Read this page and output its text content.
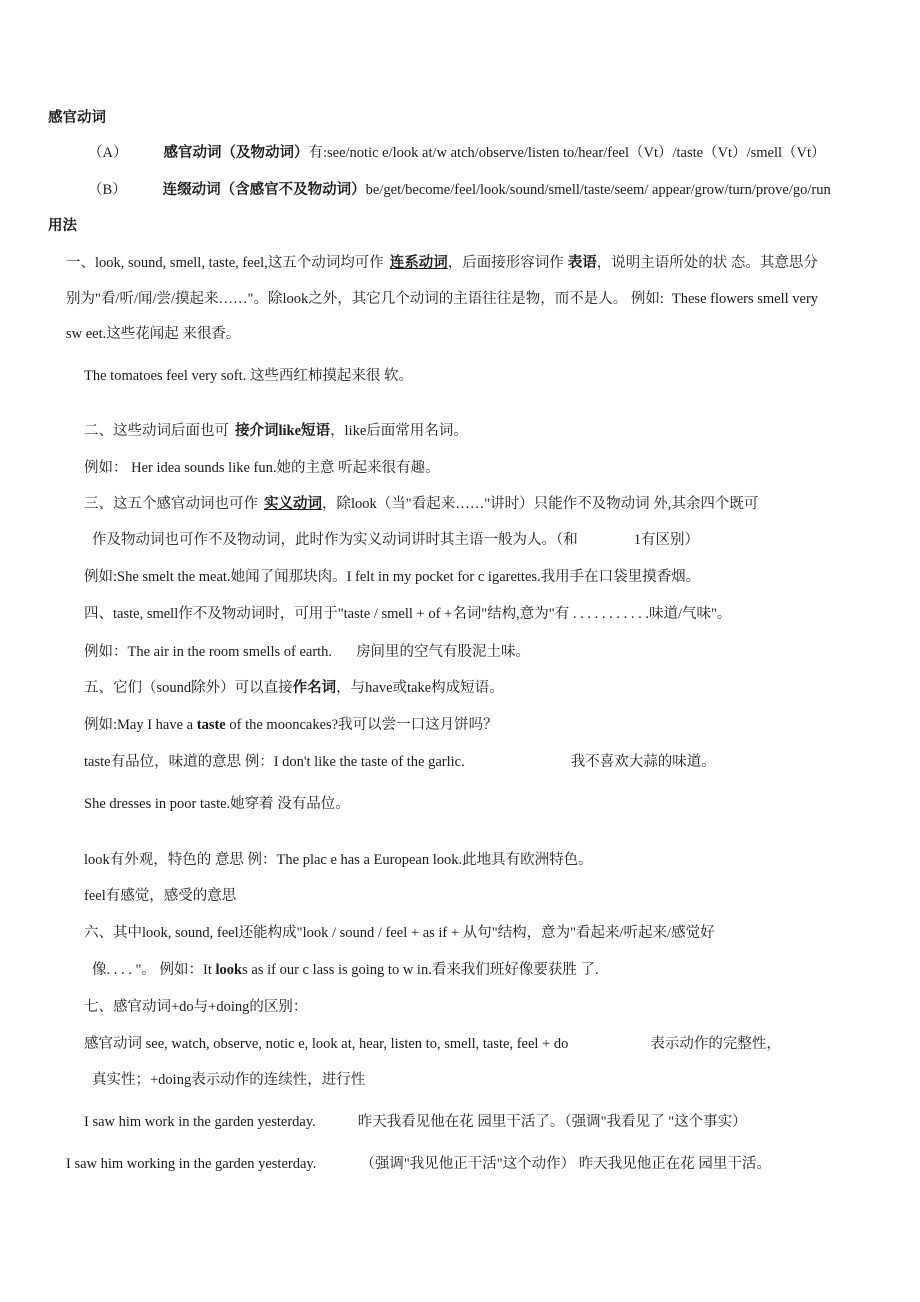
感官动词
（A） 感官动词（及物动词）有:see/notic e/look at/w atch/observe/listen to/hear/feel（Vt）/taste（Vt）/smell（Vt）
（B） 连缀动词（含感官不及物动词）be/get/become/feel/look/sound/smell/taste/seem/ appear/grow/turn/prove/go/run
用法
一、look, sound, smell, taste, feel,这五个动词均可作 连系动词，后面接形容词作 表语，说明主语所处的状 态。其意思分
别为"看/听/闻/尝/摸起来……"。除look之外，其它几个动词的主语往往是物，而不是人。 例如: These flowers smell very
sw eet.这些花闻起 来很香。
The tomatoes feel very soft. 这些西红柿摸起来很 软。
二、这些动词后面也可 接介词like短语，like后面常用名词。
例如： Her idea sounds like fun.她的主意 听起来很有趣。
三、这五个感官动词也可作 实义动词，除look（当"看起来……"讲时）只能作不及物动词 外,其余四个既可
作及物动词也可作不及物动词，此时作为实义动词讲时其主语一般为人。（和	1有区别）
例如:She smelt the meat.她闻了闻那块肉。I felt in my pocket for c igarettes.我用手在口袋里摸香烟。
四、taste, smell作不及物动词时，可用于"taste / smell + of +名词"结构,意为"有 . . . . . . . . . . .味道/气味"。
例如：The air in the room smells of earth. 房间里的空气有股泥土味。
五、它们（sound除外）可以直接作名词，与have或take构成短语。
例如:May I have a taste of the mooncakes?我可以尝一口这月饼吗？
taste有品位，味道的意思 例：I don't like the taste of the garlic.	我不喜欢大蒜的味道。
She dresses in poor taste.她穿着 没有品位。
look有外观，特色的 意思 例：The plac e has a European look.此地具有欧洲特色。
feel有感觉，感受的意思
六、其中look, sound, feel还能构成"look / sound / feel + as if + 从句"结构，意为"看起来/听起来/感觉好
像. . . . "。 例如：It looks as if our c lass is going to w in.看来我们班好像要获胜 了.
七、感官动词+do与+doing的区别：
感官动词 see, watch, observe, notic e, look at, hear, listen to, smell, taste, feel + do	表示动作的完整性，
真实性；+doing表示动作的连续性，进行性
I saw him work in the garden yesterday.	昨天我看见他在花 园里干活了。（强调"我看见了 "这个事实）
I saw him working in the garden yesterday.	（强调"我见他正干活"这个动作） 昨天我见他正在花 园里干活。
